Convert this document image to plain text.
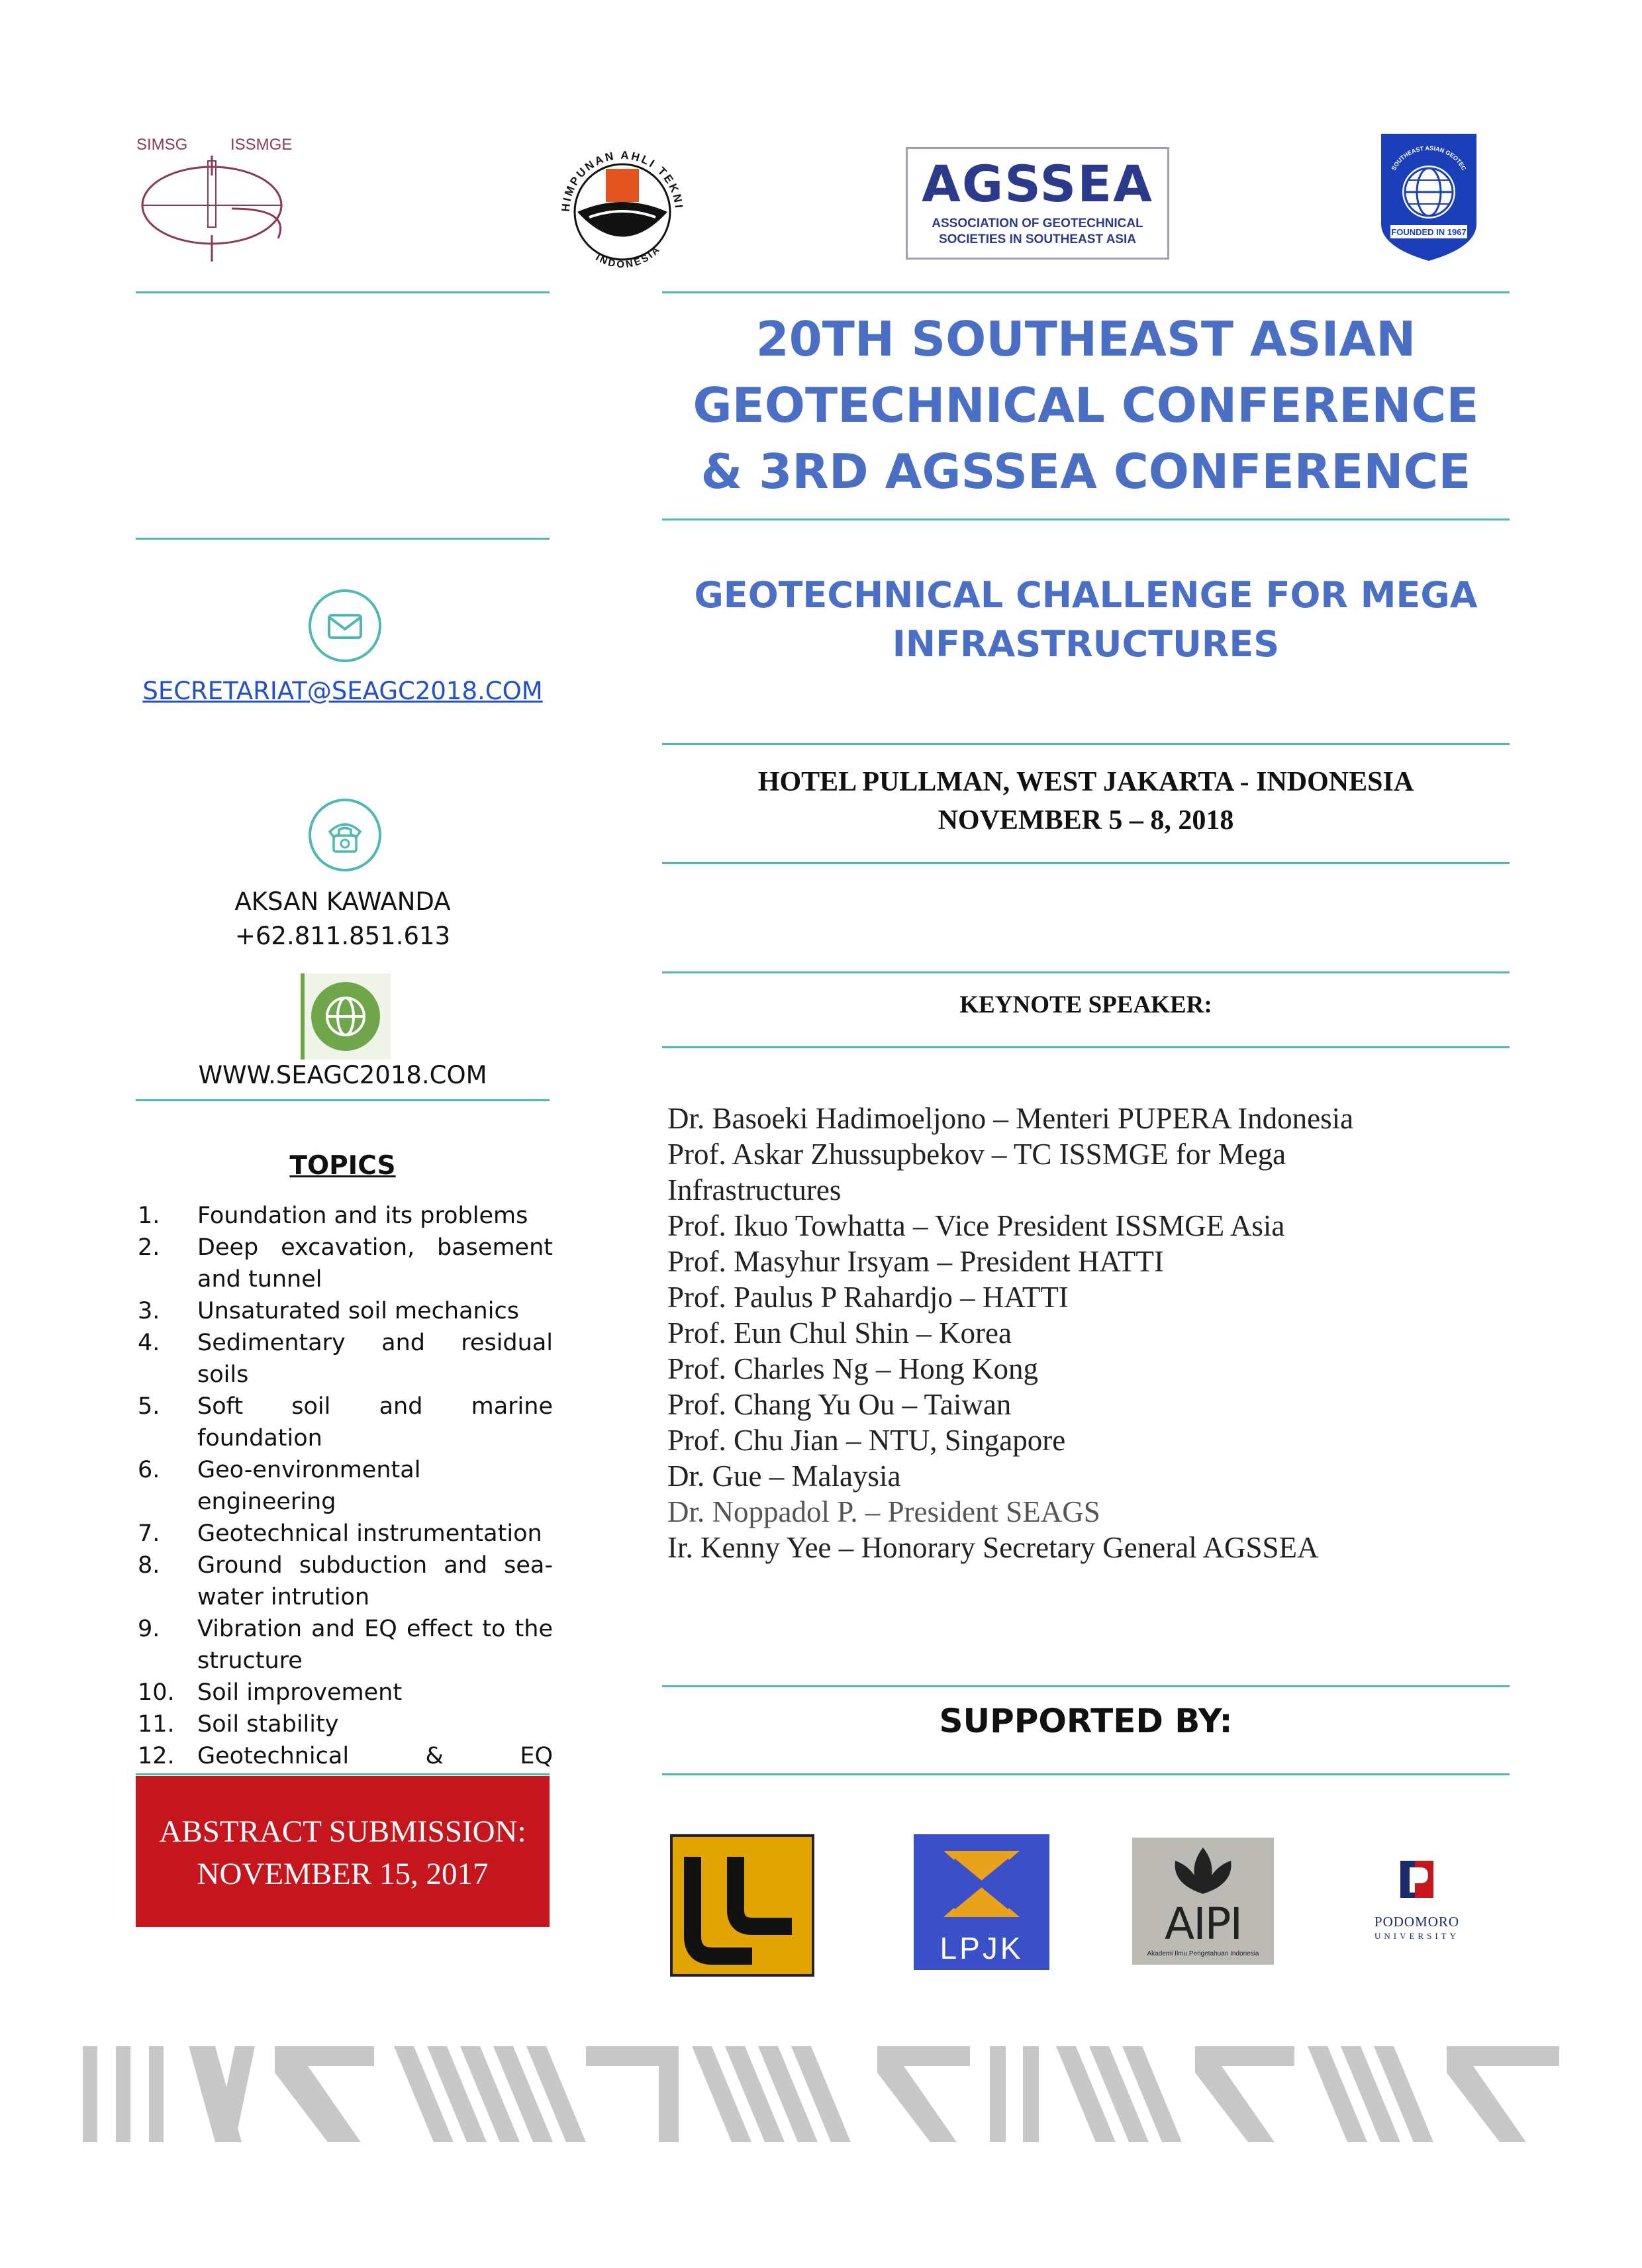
SIMSG	ISSMGE
HIMPUNAN AHLI TEKNI
INDONESIA
AGSSEA
ASSOCIATION OF GEOTECHNICAL
SOCIETIES IN SOUTHEAST ASIA
SOUTHEAST ASIAN GEOTEC
FOUNDED IN 1967
20TH SOUTHEAST ASIAN
GEOTECHNICAL CONFERENCE
& 3RD AGSSEA CONFERENCE
GEOTECHNICAL CHALLENGE FOR MEGA
INFRASTRUCTURES
HOTEL PULLMAN, WEST JAKARTA - INDONESIA
NOVEMBER 5 – 8, 2018
SECRETARIAT@SEAGC2018.COM
AKSAN KAWANDA
+62.811.851.613
WWW.SEAGC2018.COM
TOPICS
1.	Foundation and its problems
2.	Deep excavation, basement and tunnel
3.	Unsaturated soil mechanics
4.	Sedimentary and residual soils
5.	Soft soil and marine foundation
6.	Geo-environmental engineering
7.	Geotechnical instrumentation
8.	Ground subduction and sea-water intrution
9.	Vibration and EQ effect to the structure
10. Soil improvement
11. Soil stability
12. Geotechnical & EQ
ABSTRACT SUBMISSION:
NOVEMBER 15, 2017
KEYNOTE SPEAKER:
Dr. Basoeki Hadimoeljono – Menteri PUPERA Indonesia
Prof. Askar Zhussupbekov – TC ISSMGE for Mega
Infrastructures
Prof. Ikuo Towhatta – Vice President ISSMGE Asia
Prof. Masyhur Irsyam – President HATTI
Prof. Paulus P Rahardjo – HATTI
Prof. Eun Chul Shin – Korea
Prof. Charles Ng – Hong Kong
Prof. Chang Yu Ou – Taiwan
Prof. Chu Jian – NTU, Singapore
Dr. Gue – Malaysia
Dr. Noppadol P. – President SEAGS
Ir. Kenny Yee – Honorary Secretary General AGSSEA
SUPPORTED BY:
LPJK	AIPI
Akademi Ilmu Pengetahuan Indonesia
PODOMORO
UNIVERSITY
